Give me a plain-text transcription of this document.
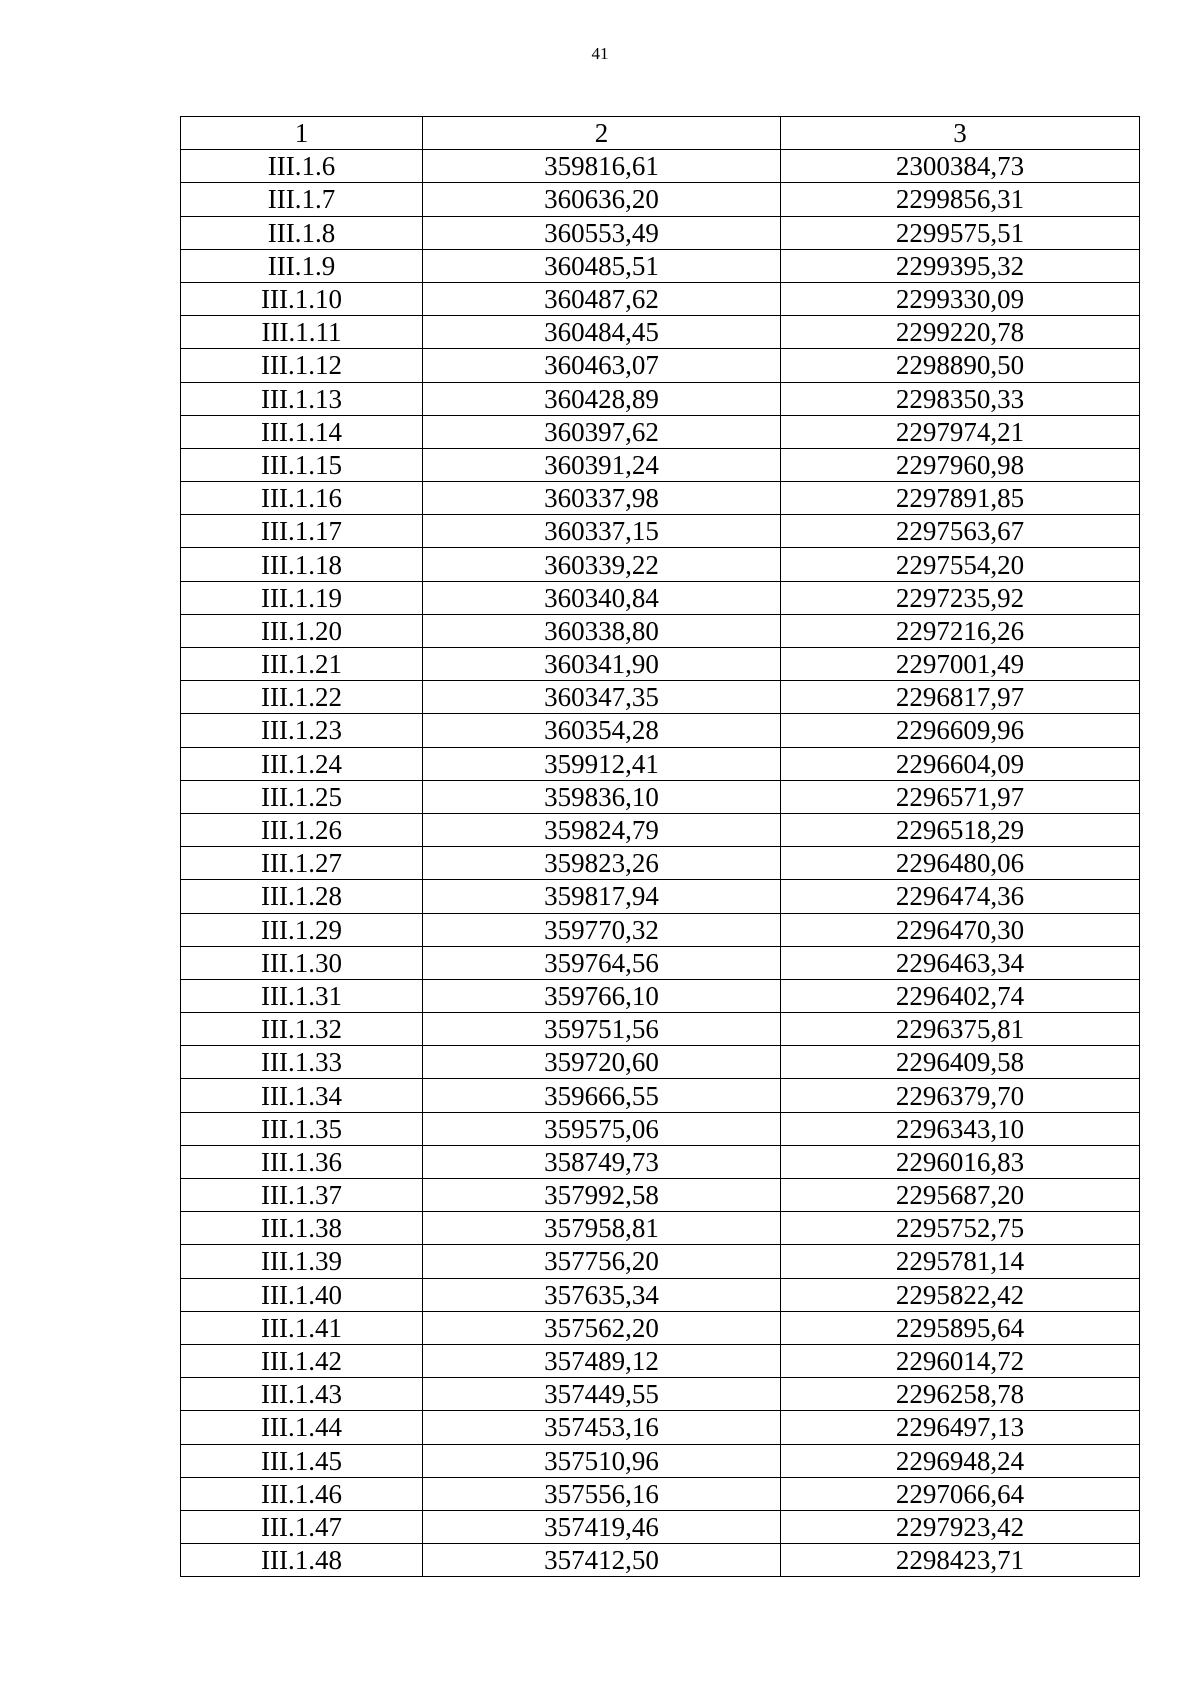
41
1	2	3
III.1.6	359816,61	2300384,73
III.1.7	360636,20	2299856,31
III.1.8	360553,49	2299575,51
III.1.9	360485,51	2299395,32
III.1.10	360487,62	2299330,09
III.1.11	360484,45	2299220,78
III.1.12	360463,07	2298890,50
III.1.13	360428,89	2298350,33
III.1.14	360397,62	2297974,21
III.1.15	360391,24	2297960,98
III.1.16	360337,98	2297891,85
III.1.17	360337,15	2297563,67
III.1.18	360339,22	2297554,20
III.1.19	360340,84	2297235,92
III.1.20	360338,80	2297216,26
III.1.21	360341,90	2297001,49
III.1.22	360347,35	2296817,97
III.1.23	360354,28	2296609,96
III.1.24	359912,41	2296604,09
III.1.25	359836,10	2296571,97
III.1.26	359824,79	2296518,29
III.1.27	359823,26	2296480,06
III.1.28	359817,94	2296474,36
III.1.29	359770,32	2296470,30
III.1.30	359764,56	2296463,34
III.1.31	359766,10	2296402,74
III.1.32	359751,56	2296375,81
III.1.33	359720,60	2296409,58
III.1.34	359666,55	2296379,70
III.1.35	359575,06	2296343,10
III.1.36	358749,73	2296016,83
III.1.37	357992,58	2295687,20
III.1.38	357958,81	2295752,75
III.1.39	357756,20	2295781,14
III.1.40	357635,34	2295822,42
III.1.41	357562,20	2295895,64
III.1.42	357489,12	2296014,72
III.1.43	357449,55	2296258,78
III.1.44	357453,16	2296497,13
III.1.45	357510,96	2296948,24
III.1.46	357556,16	2297066,64
III.1.47	357419,46	2297923,42
III.1.48	357412,50	2298423,71
